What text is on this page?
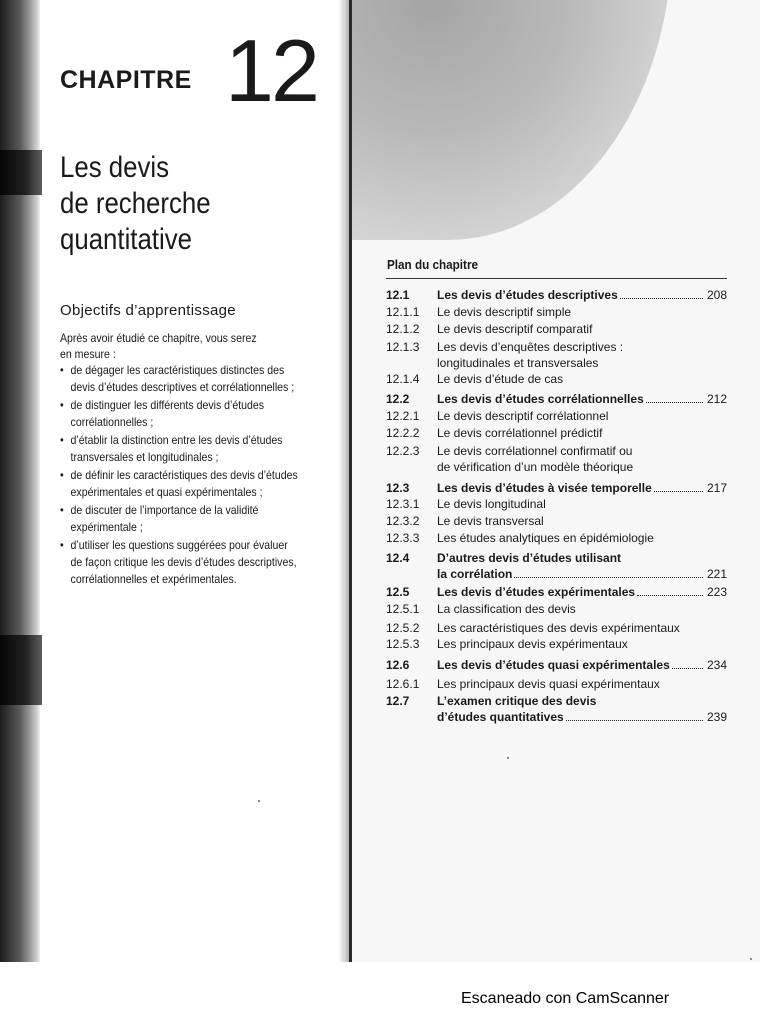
CHAPITRE 12
Les devis
de recherche
quantitative
Objectifs d’apprentissage
Après avoir étudié ce chapitre, vous serez
en mesure :
• de dégager les caractéristiques distinctes des
devis d’études descriptives et corrélationnelles ;
• de distinguer les différents devis d’études
corrélationnelles ;
• d’établir la distinction entre les devis d’études
transversales et longitudinales ;
• de définir les caractéristiques des devis d’études
expérimentales et quasi expérimentales ;
• de discuter de l’importance de la validité
expérimentale ;
• d’utiliser les questions suggérées pour évaluer
de façon critique les devis d’études descriptives,
corrélationnelles et expérimentales.
Plan du chapitre
12.1 Les devis d’études descriptives	208
12.1.1 Le devis descriptif simple
12.1.2 Le devis descriptif comparatif
12.1.3 Les devis d’enquêtes descriptives :
longitudinales et transversales
12.1.4 Le devis d’étude de cas
12.2 Les devis d’études corrélationnelles	212
12.2.1 Le devis descriptif corrélationnel
12.2.2 Le devis corrélationnel prédictif
12.2.3 Le devis corrélationnel confirmatif ou
de vérification d’un modèle théorique
12.3 Les devis d’études à visée temporelle	217
12.3.1 Le devis longitudinal
12.3.2 Le devis transversal
12.3.3 Les études analytiques en épidémiologie
12.4 D’autres devis d’études utilisant
la corrélation	221
12.5 Les devis d’études expérimentales	223
12.5.1 La classification des devis
12.5.2 Les caractéristiques des devis expérimentaux
12.5.3 Les principaux devis expérimentaux
12.6 Les devis d’études quasi expérimentales	234
12.6.1 Les principaux devis quasi expérimentaux
12.7 L’examen critique des devis
d’études quantitatives	239
Escaneado con CamScanner
